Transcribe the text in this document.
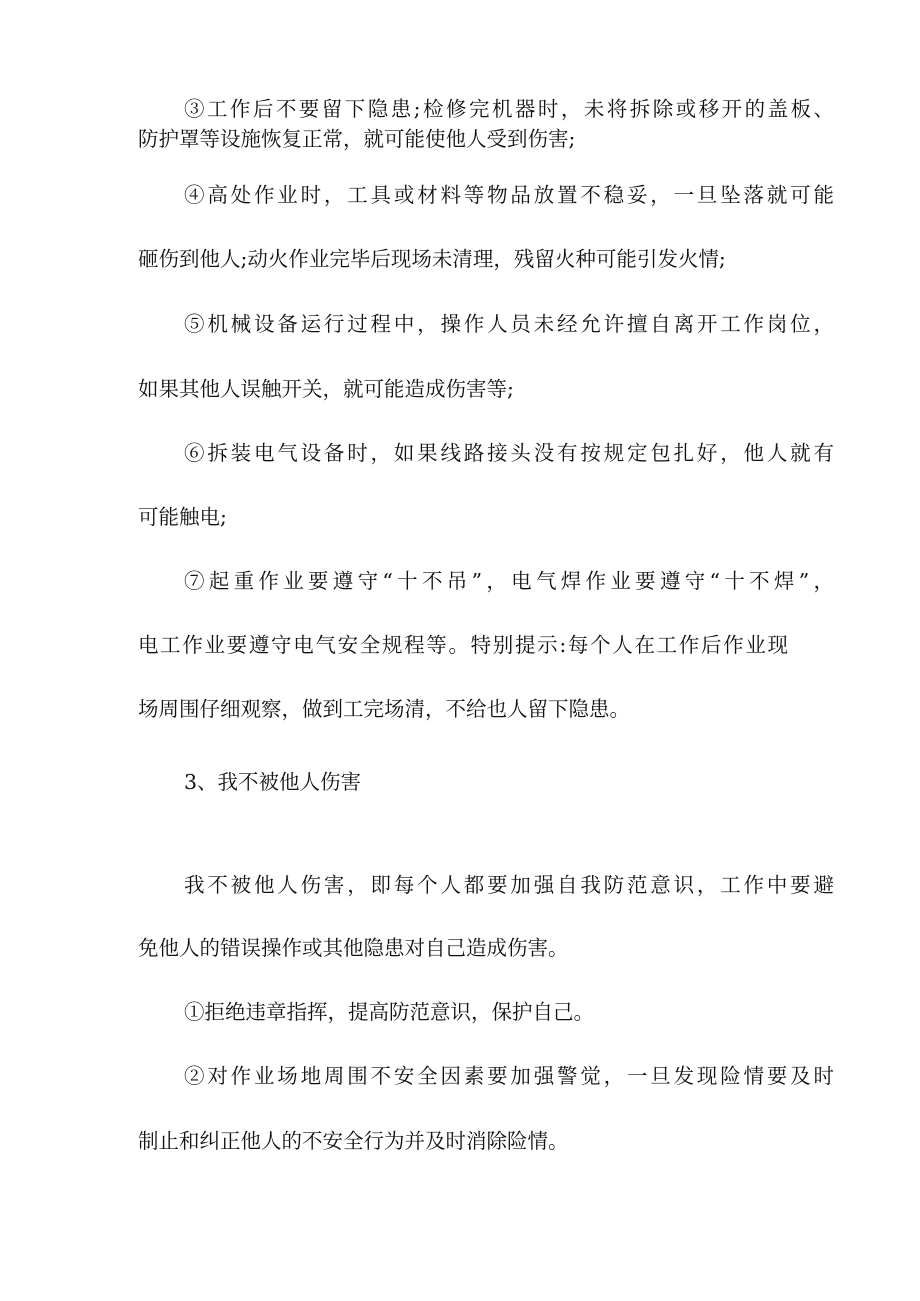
③工作后不要留下隐患;检修完机器时，未将拆除或移开的盖板、
防护罩等设施恢复正常，就可能使他人受到伤害;
④高处作业时，工具或材料等物品放置不稳妥，一旦坠落就可能
砸伤到他人;动火作业完毕后现场未清理，残留火种可能引发火情;
⑤机械设备运行过程中，操作人员未经允许擅自离开工作岗位，
如果其他人误触开关，就可能造成伤害等;
⑥拆装电气设备时，如果线路接头没有按规定包扎好，他人就有
可能触电;
⑦起重作业要遵守“十不吊”，电气焊作业要遵守“十不焊”，
电工作业要遵守电气安全规程等。特别提示:每个人在工作后作业现
场周围仔细观察，做到工完场清，不给也人留下隐患。
3、我不被他人伤害
我不被他人伤害，即每个人都要加强自我防范意识，工作中要避
免他人的错误操作或其他隐患对自己造成伤害。
①拒绝违章指挥，提高防范意识，保护自己。
②对作业场地周围不安全因素要加强警觉，一旦发现险情要及时
制止和纠正他人的不安全行为并及时消除险情。
